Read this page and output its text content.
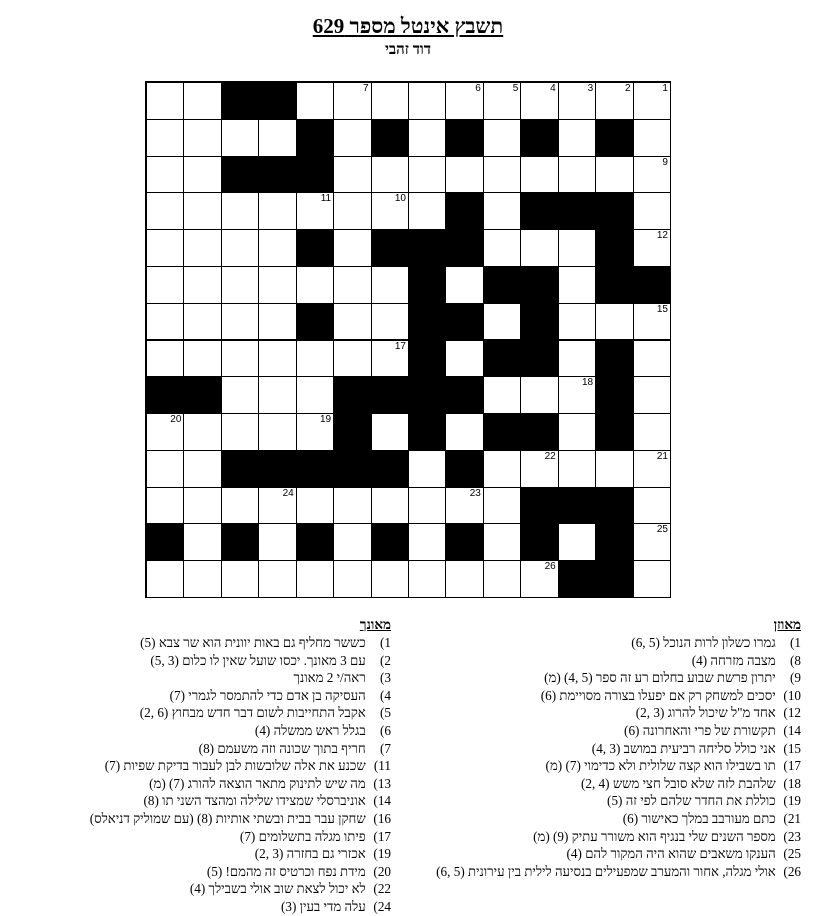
תשבץ אינטל מספר 629
דוד זהבי
1
2
3
4
5
6
7
9
10
11
12
15
17
18
19
20
21
22
23
24
25
26
מאוזן
1) גמרו כשלון לרות הנוכל (5 ,6)
8) מצבה מזרחה (4)
9) יתרון פרשת שבוע בחלום רע זה ספר (5 ,4) (מ)
10) יסכים למשחק רק אם יפעלו בצורה מסויימת (6)
12) אחד מ"ל שיכול להרוג (3 ,2)
14) תקשורת של פרי והאחרונה (6)
15) אני כולל סליחה רביעית במושב (3 ,4)
17) תו בשבילו הוא קצה שלולית ולא כדימוי (7) (מ)
18) שלהבת לזה שלא סובל חצי משש (4 ,2)
19) כוללת את החדר שלהם לפי זה (5)
21) כתם מעורבב במלך כאישור (6)
23) מספר השנים שלי בנגיף הוא משורר עתיק (9) (מ)
25) הענקו משאבים שהוא היה המקור להם (4)
26) אולי מגלה, אחור והמערב שמפעילים בנסיעה לילית בין עירונית (5 ,6)
מאונך
1) כששר מחליף גם באות יוונית הוא שר צבא (5)
2) עם 3 מאונך. יכסו שועל שאין לו כלום (3 ,5)
3) ראה/י 2 מאונך
4) העסיקה בן אדם כדי להתמסר לגמרי (7)
5) אקבל התחייבות לשום דבר חדש מבחוץ (6 ,2)
6) בגלל ראש ממשלה (4)
7) חריף בתוך שכונה וזה משעמם (8)
11) שכנע את אלה שלובשות לבן לעבור בדיקת שפיות (7)
13) מה שיש לתינוק מתאר הוצאה להורג (7) (מ)
14) אוניברסלי שמצידו שלילה ומהצד השני תו (8)
16) שחקן עבר בבית ובשתי אותיות (8) (עם שמוליק דניאלס)
17) פיתו מגלה בתשלומים (7)
19) אכזרי גם בחזרה (3 ,2)
20) מידת נפח וכרטיס זה מהמם! (5)
22) לא יכול לצאת שוב אולי בשבילך (4)
24) עלה מדי בעין (3)
